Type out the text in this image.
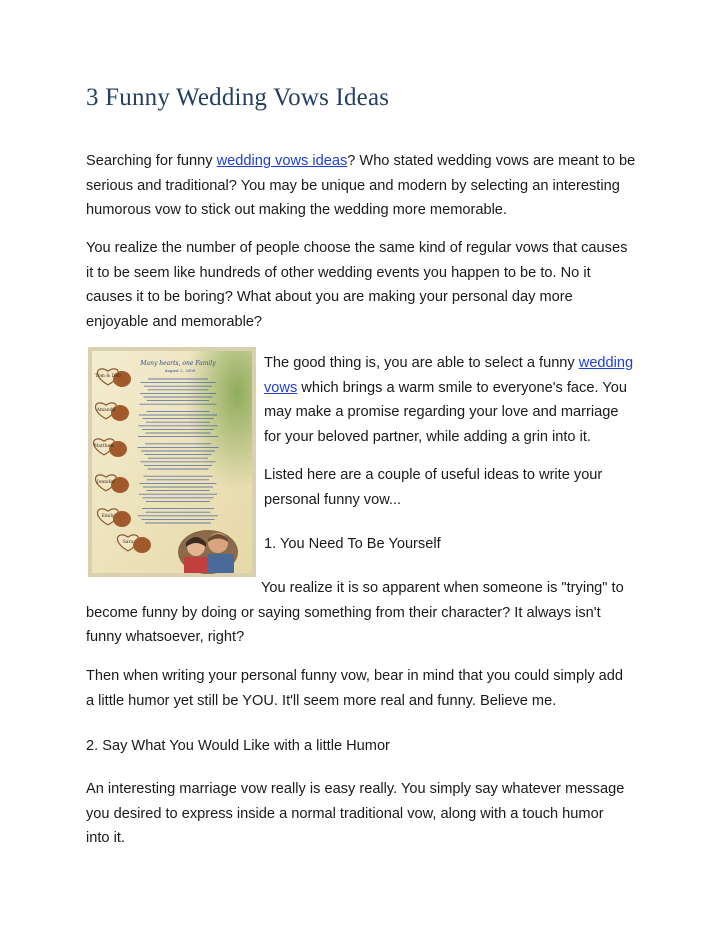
3 Funny Wedding Vows Ideas

Searching for funny wedding vows ideas? Who stated wedding vows are meant to be
serious and traditional? You may be unique and modern by selecting an interesting
humorous vow to stick out making the wedding more memorable.

You realize the number of people choose the same kind of regular vows that causes
it to be seem like hundreds of other wedding events you happen to be to. No it
causes it to be boring? What about you are making your personal day more
enjoyable and memorable?

Many hearts, one Family
August 2, 2009
Tom & Deb
Amanda
Matthew
Jennifer
Emily
Sara

The good thing is, you are able to select a funny wedding
vows which brings a warm smile to everyone's face. You
may make a promise regarding your love and marriage
for your beloved partner, while adding a grin into it.

Listed here are a couple of useful ideas to write your
personal funny vow...

1. You Need To Be Yourself

You realize it is so apparent when someone is "trying" to
become funny by doing or saying something from their character? It always isn't
funny whatsoever, right?

Then when writing your personal funny vow, bear in mind that you could simply add
a little humor yet still be YOU. It'll seem more real and funny. Believe me.

2. Say What You Would Like with a little Humor

An interesting marriage vow really is easy really. You simply say whatever message
you desired to express inside a normal traditional vow, along with a touch humor
into it.
